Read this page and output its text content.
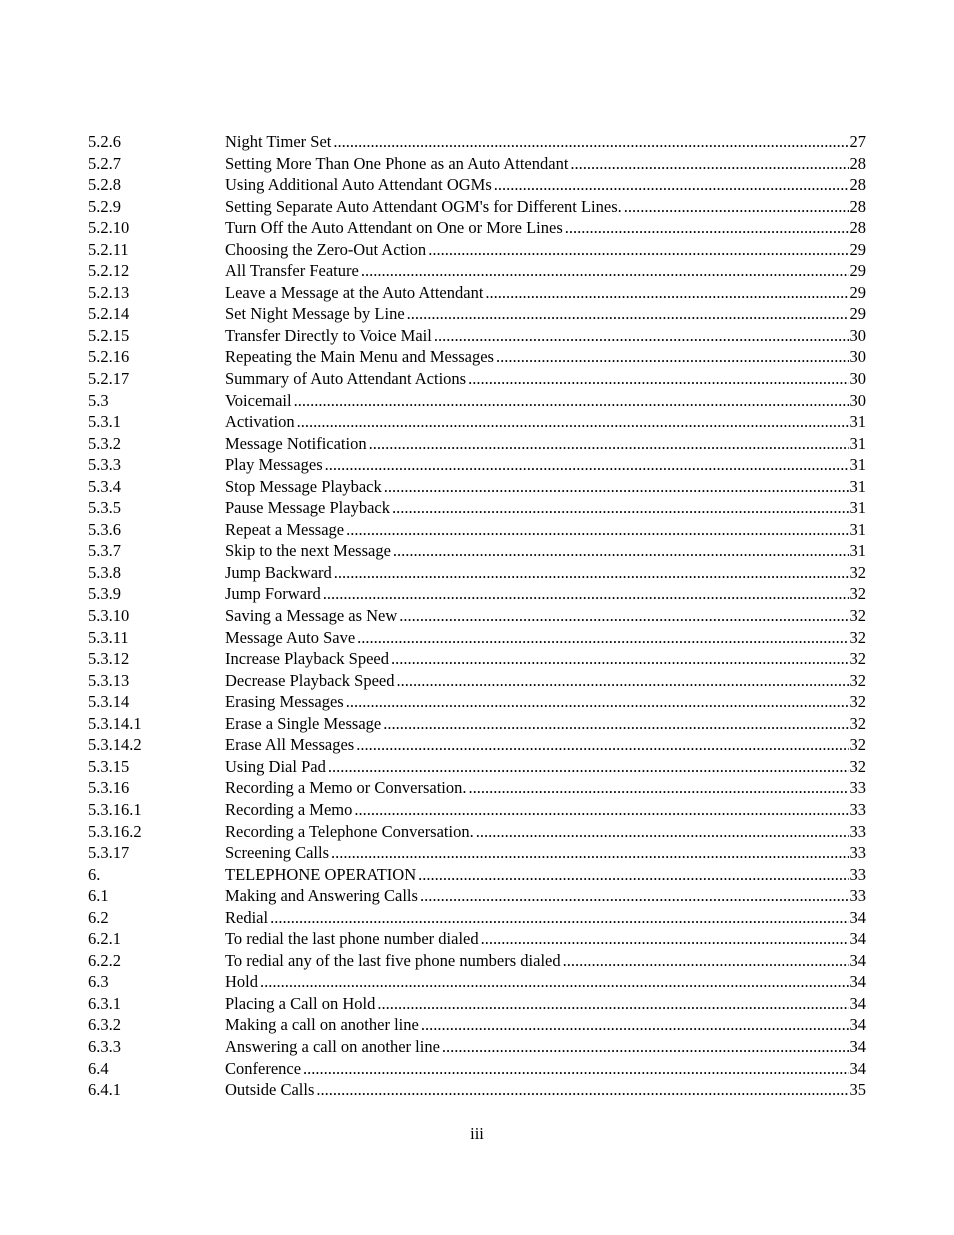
5.2.6	Night Timer Set .....	27
5.2.7	Setting More Than One Phone as an Auto Attendant .....	28
5.2.8	Using Additional Auto Attendant OGMs .....	28
5.2.9	Setting Separate Auto Attendant OGM's for Different Lines. .....	28
5.2.10	Turn Off the Auto Attendant on One or More Lines .....	28
5.2.11	Choosing the Zero-Out Action .....	29
5.2.12	All Transfer Feature .....	29
5.2.13	Leave a Message at the Auto Attendant .....	29
5.2.14	Set Night Message by Line .....	29
5.2.15	Transfer Directly to Voice Mail .....	30
5.2.16	Repeating the Main Menu and Messages .....	30
5.2.17	Summary of Auto Attendant Actions .....	30
5.3	Voicemail .....	30
5.3.1	Activation .....	31
5.3.2	Message Notification .....	31
5.3.3	Play Messages .....	31
5.3.4	Stop Message Playback .....	31
5.3.5	Pause Message Playback .....	31
5.3.6	Repeat a Message .....	31
5.3.7	Skip to the next Message .....	31
5.3.8	Jump Backward .....	32
5.3.9	Jump Forward .....	32
5.3.10	Saving a Message as New .....	32
5.3.11	Message Auto Save .....	32
5.3.12	Increase Playback Speed .....	32
5.3.13	Decrease Playback Speed .....	32
5.3.14	Erasing Messages .....	32
5.3.14.1	Erase a Single Message .....	32
5.3.14.2	Erase All Messages .....	32
5.3.15	Using Dial Pad .....	32
5.3.16	Recording a Memo or Conversation. .....	33
5.3.16.1	Recording a Memo .....	33
5.3.16.2	Recording a Telephone Conversation. .....	33
5.3.17	Screening Calls .....	33
6.	TELEPHONE OPERATION .....	33
6.1	Making and Answering Calls .....	33
6.2	Redial .....	34
6.2.1	To redial the last phone number dialed .....	34
6.2.2	To redial any of the last five phone numbers dialed .....	34
6.3	Hold .....	34
6.3.1	Placing a Call on Hold .....	34
6.3.2	Making a call on another line .....	34
6.3.3	Answering a call on another line .....	34
6.4	Conference .....	34
6.4.1	Outside Calls .....	35
iii
